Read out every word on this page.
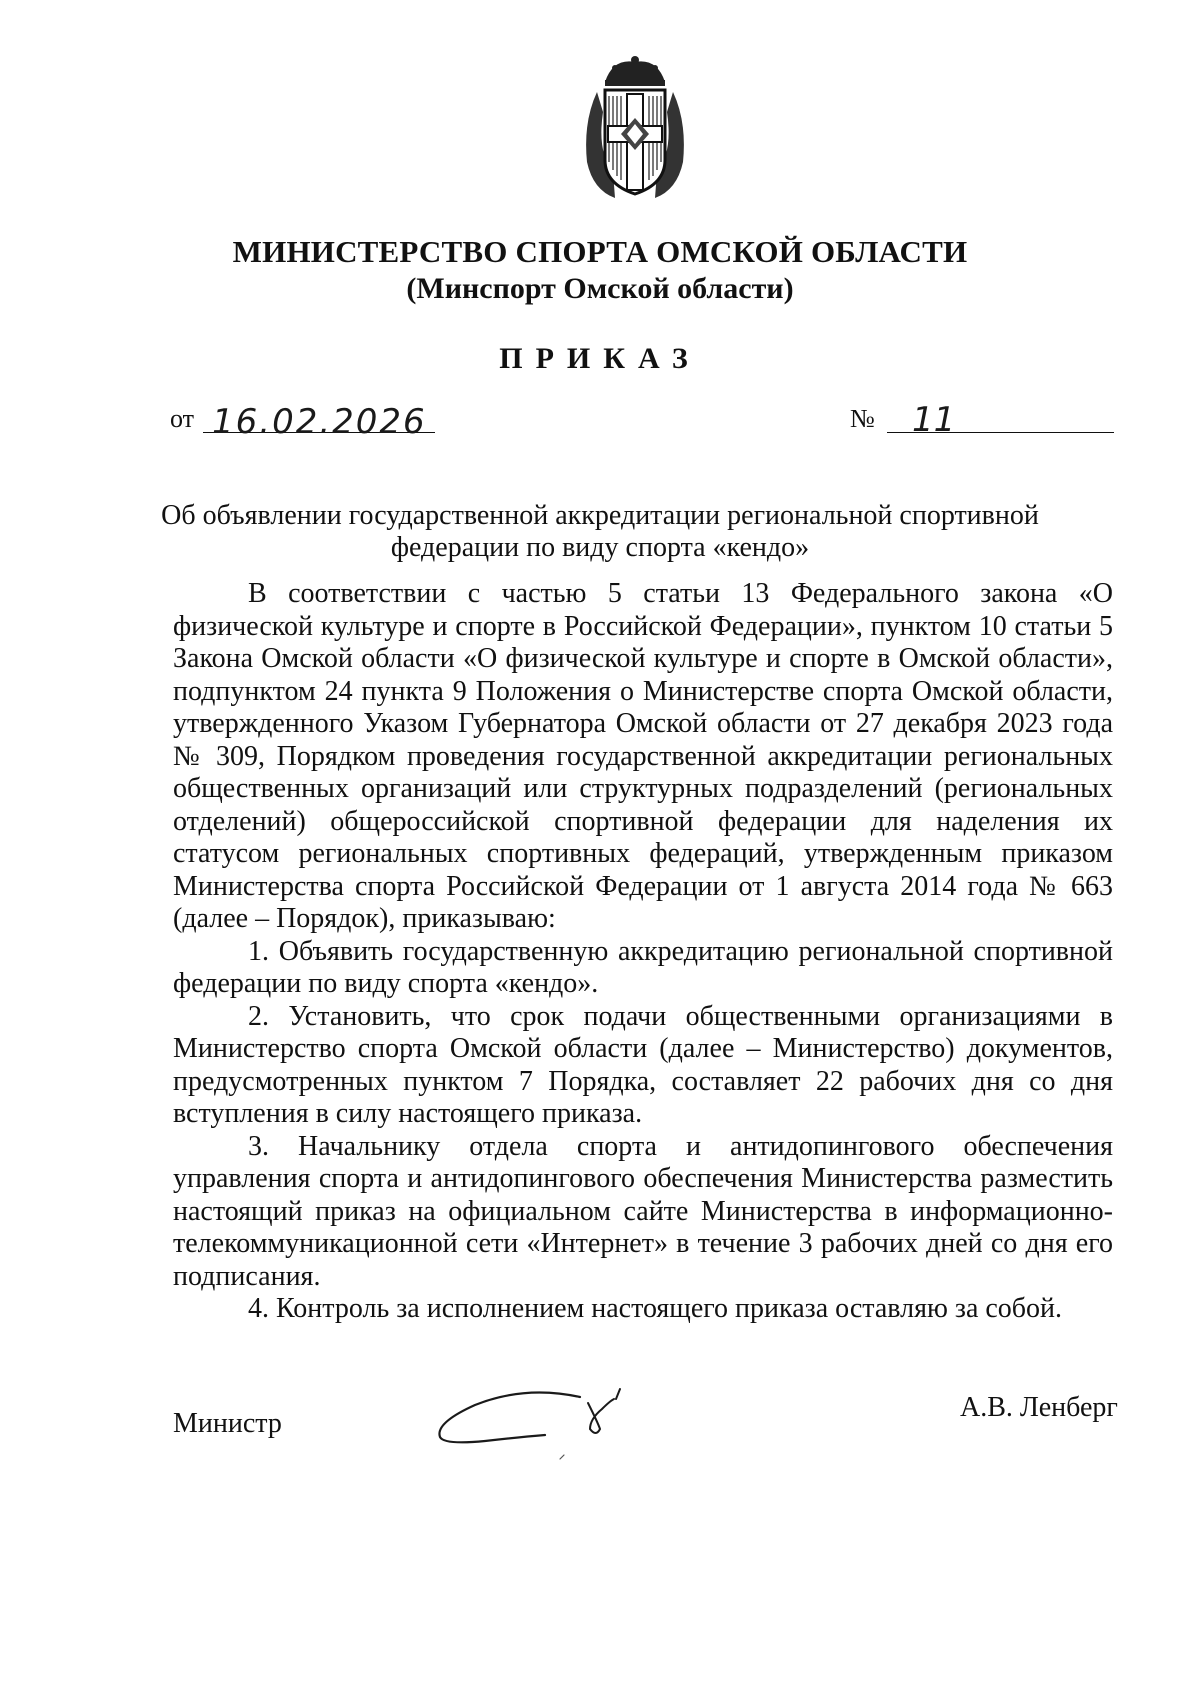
МИНИСТЕРСТВО СПОРТА ОМСКОЙ ОБЛАСТИ
(Минспорт Омской области)
ПРИКАЗ
от 16.02.2026	№ 11
Об объявлении государственной аккредитации региональной спортивной
федерации по виду спорта «кендо»

В соответствии с частью 5 статьи 13 Федерального закона «О физической культуре и спорте в Российской Федерации», пунктом 10 статьи 5 Закона Омской области «О физической культуре и спорте в Омской области», подпунктом 24 пункта 9 Положения о Министерстве спорта Омской области, утвержденного Указом Губернатора Омской области от 27 декабря 2023 года № 309, Порядком проведения государственной аккредитации региональных общественных организаций или структурных подразделений (региональных отделений) общероссийской спортивной федерации для наделения их статусом региональных спортивных федераций, утвержденным приказом Министерства спорта Российской Федерации от 1 августа 2014 года № 663 (далее – Порядок), приказываю:

1. Объявить государственную аккредитацию региональной спортивной федерации по виду спорта «кендо».

2. Установить, что срок подачи общественными организациями в Министерство спорта Омской области (далее – Министерство) документов, предусмотренных пунктом 7 Порядка, составляет 22 рабочих дня со дня вступления в силу настоящего приказа.

3. Начальнику отдела спорта и антидопингового обеспечения управления спорта и антидопингового обеспечения Министерства разместить настоящий приказ на официальном сайте Министерства в информационно-телекоммуникационной сети «Интернет» в течение 3 рабочих дней со дня его подписания.

4. Контроль за исполнением настоящего приказа оставляю за собой.

Министр
А.В. Ленберг
